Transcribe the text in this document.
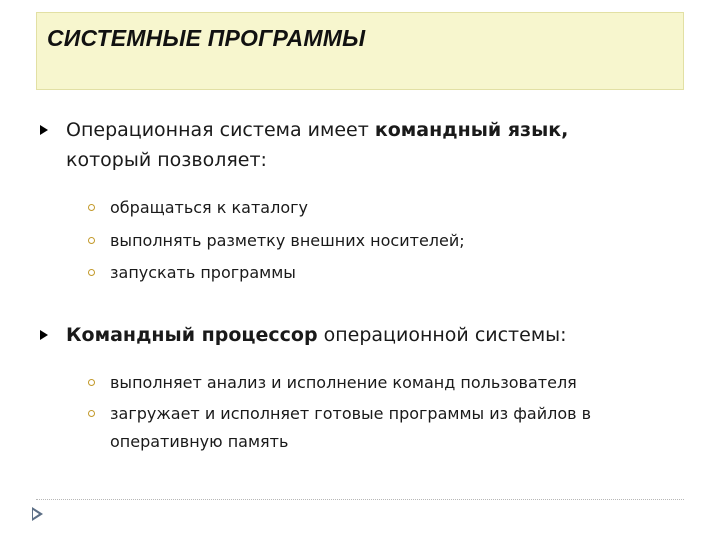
СИСТЕМНЫЕ ПРОГРАММЫ
Операционная система имеет командный язык,
который позволяет:
обращаться к каталогу
выполнять разметку внешних носителей;
запускать программы
Командный процессор операционной системы:
выполняет анализ и исполнение команд пользователя
загружает и исполняет готовые программы из файлов в
оперативную память
